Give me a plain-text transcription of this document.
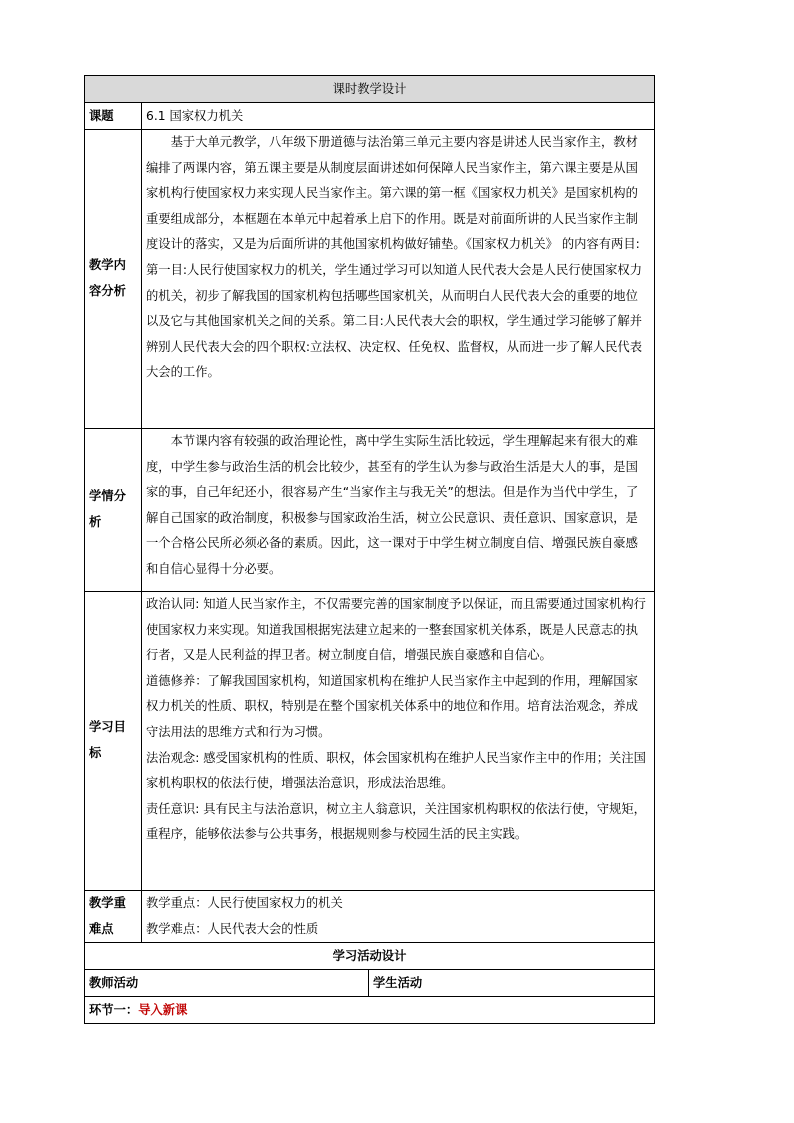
课时教学设计		
课题	6.1 国家权力机关	
教学内容分析	基于大单元教学，八年级下册道德与法治第三单元主要内容是讲述人民当家作主，教材编排了两课内容，第五课主要是从制度层面讲述如何保障人民当家作主，第六课主要是从国家机构行使国家权力来实现人民当家作主。第六课的第一框《国家权力机关》是国家机构的重要组成部分，本框题在本单元中起着承上启下的作用。既是对前面所讲的人民当家作主制度设计的落实，又是为后面所讲的其他国家机构做好铺垫。《国家权力机关》 的内容有两目:第一目:人民行使国家权力的机关，学生通过学习可以知道人民代表大会是人民行使国家权力的机关，初步了解我国的国家机构包括哪些国家机关，从而明白人民代表大会的重要的地位以及它与其他国家机关之间的关系。第二目:人民代表大会的职权，学生通过学习能够了解并辨别人民代表大会的四个职权:立法权、决定权、任免权、监督权，从而进一步了解人民代表大会的工作。	

学情分析	本节课内容有较强的政治理论性，离中学生实际生活比较远，学生理解起来有很大的难度，中学生参与政治生活的机会比较少，甚至有的学生认为参与政治生活是大人的事，是国家的事，自己年纪还小，很容易产生“当家作主与我无关”的想法。但是作为当代中学生，了解自己国家的政治制度，积极参与国家政治生活，树立公民意识、责任意识、国家意识，是一个合格公民所必须必备的素质。因此，这一课对于中学生树立制度自信、增强民族自豪感和自信心显得十分必要。	

学习目标	政治认同: 知道人民当家作主，不仅需要完善的国家制度予以保证，而且需要通过国家机构行使国家权力来实现。知道我国根据宪法建立起来的一整套国家机关体系，既是人民意志的执行者，又是人民利益的捍卫者。树立制度自信，增强民族自豪感和自信心。

道德修养：了解我国国家机构，知道国家机构在维护人民当家作主中起到的作用，理解国家权力机关的性质、职权，特别是在整个国家机关体系中的地位和作用。培育法治观念，养成守法用法的思维方式和行为习惯。

法治观念: 感受国家机构的性质、职权，体会国家机构在维护人民当家作主中的作用；关注国家机构职权的依法行使，增强法治意识，形成法治思维。

责任意识: 具有民主与法治意识，树立主人翁意识，关注国家机构职权的依法行使，守规矩，重程序，能够依法参与公共事务，根据规则参与校园生活的民主实践。	

教学重难点	教学重点：人民行使国家权力的机关

教学难点：人民代表大会的性质	

学习活动设计		
教师活动		学生活动
环节一：导入新课		
